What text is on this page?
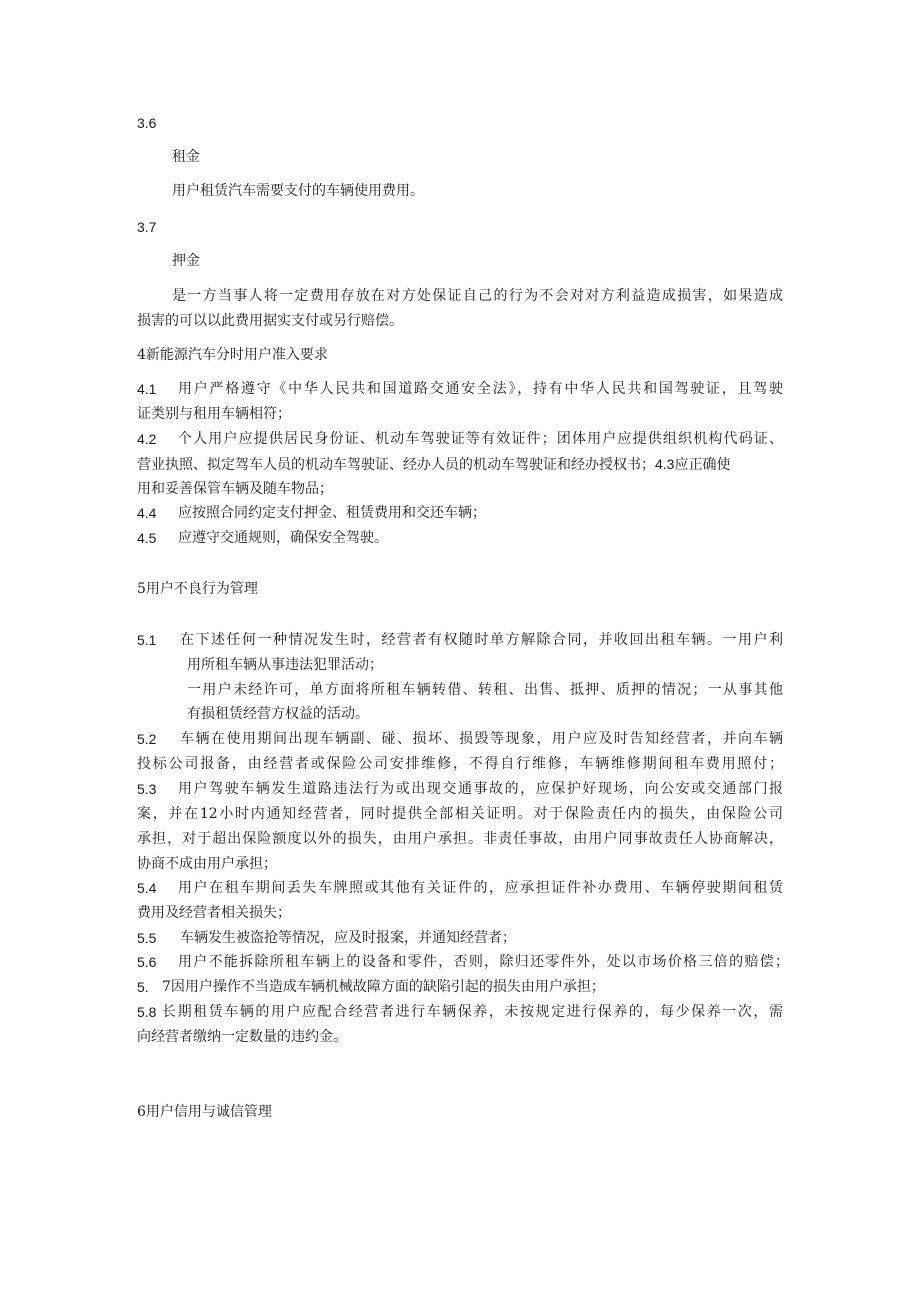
3.6
租金
用户租赁汽车需要支付的车辆使用费用。
3.7
押金
是一方当事人将一定费用存放在对方处保证自己的行为不会对对方利益造成损害，如果造成
损害的可以以此费用据实支付或另行赔偿。
4新能源汽车分时用户准入要求
4.1 用户严格遵守《中华人民共和国道路交通安全法》，持有中华人民共和国驾驶证，且驾驶
证类别与租用车辆相符；
4.2 个人用户应提供居民身份证、机动车驾驶证等有效证件；团体用户应提供组织机构代码证、
营业执照、拟定驾车人员的机动车驾驶证、经办人员的机动车驾驶证和经办授权书；4.3应正确使
用和妥善保管车辆及随车物品；
4.4 应按照合同约定支付押金、租赁费用和交还车辆；
4.5 应遵守交通规则，确保安全驾驶。
5用户不良行为管理
5.1 在下述任何一种情况发生时，经营者有权随时单方解除合同，并收回出租车辆。一用户利
用所租车辆从事违法犯罪活动；
一用户未经许可，单方面将所租车辆转借、转租、出售、抵押、质押的情况；一从事其他
有损租赁经营方权益的活动。
5.2 车辆在使用期间出现车辆副、碰、损坏、损毁等现象，用户应及时告知经营者，并向车辆
投标公司报备，由经营者或保险公司安排维修，不得自行维修，车辆维修期间租车费用照付；
5.3 用户驾驶车辆发生道路违法行为或出现交通事故的，应保护好现场，向公安或交通部门报
案，并在12小时内通知经营者，同时提供全部相关证明。对于保险责任内的损失，由保险公司
承担，对于超出保险额度以外的损失，由用户承担。非责任事故，由用户同事故责任人协商解决，
协商不成由用户承担；
5.4 用户在租车期间丢失车牌照或其他有关证件的，应承担证件补办费用、车辆停驶期间租赁
费用及经营者相关损失；
5.5 车辆发生被盗抢等情况，应及时报案，并通知经营者；
5.6 用户不能拆除所租车辆上的设备和零件，否则，除归还零件外，处以市场价格三倍的赔偿；
5. 7因用户操作不当造成车辆机械故障方面的缺陷引起的损失由用户承担；
5.8 长期租赁车辆的用户应配合经营者进行车辆保养，未按规定进行保养的，每少保养一次，需
向经营者缴纳一定数量的违约金。
6用户信用与诚信管理
